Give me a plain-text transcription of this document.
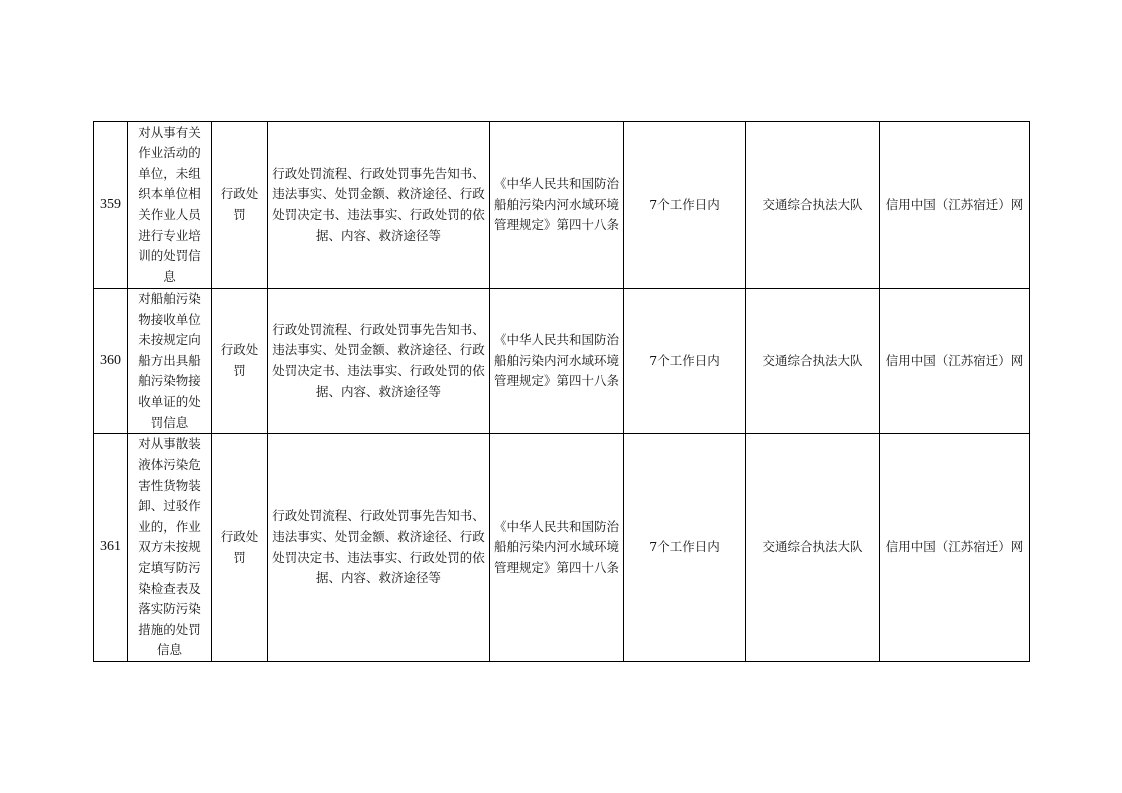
359	对从事有关作业活动的单位，未组织本单位相关作业人员进行专业培训的处罚信息	行政处罚	行政处罚流程、行政处罚事先告知书、违法事实、处罚金额、救济途径、行政处罚决定书、违法事实、行政处罚的依据、内容、救济途径等	《中华人民共和国防治船舶污染内河水域环境管理规定》第四十八条	7个工作日内	交通综合执法大队	信用中国（江苏宿迁）网
360	对船舶污染物接收单位未按规定向船方出具船舶污染物接收单证的处罚信息	行政处罚	行政处罚流程、行政处罚事先告知书、违法事实、处罚金额、救济途径、行政处罚决定书、违法事实、行政处罚的依据、内容、救济途径等	《中华人民共和国防治船舶污染内河水域环境管理规定》第四十八条	7个工作日内	交通综合执法大队	信用中国（江苏宿迁）网
361	对从事散装液体污染危害性货物装卸、过驳作业的，作业双方未按规定填写防污染检查表及落实防污染措施的处罚信息	行政处罚	行政处罚流程、行政处罚事先告知书、违法事实、处罚金额、救济途径、行政处罚决定书、违法事实、行政处罚的依据、内容、救济途径等	《中华人民共和国防治船舶污染内河水域环境管理规定》第四十八条	7个工作日内	交通综合执法大队	信用中国（江苏宿迁）网
